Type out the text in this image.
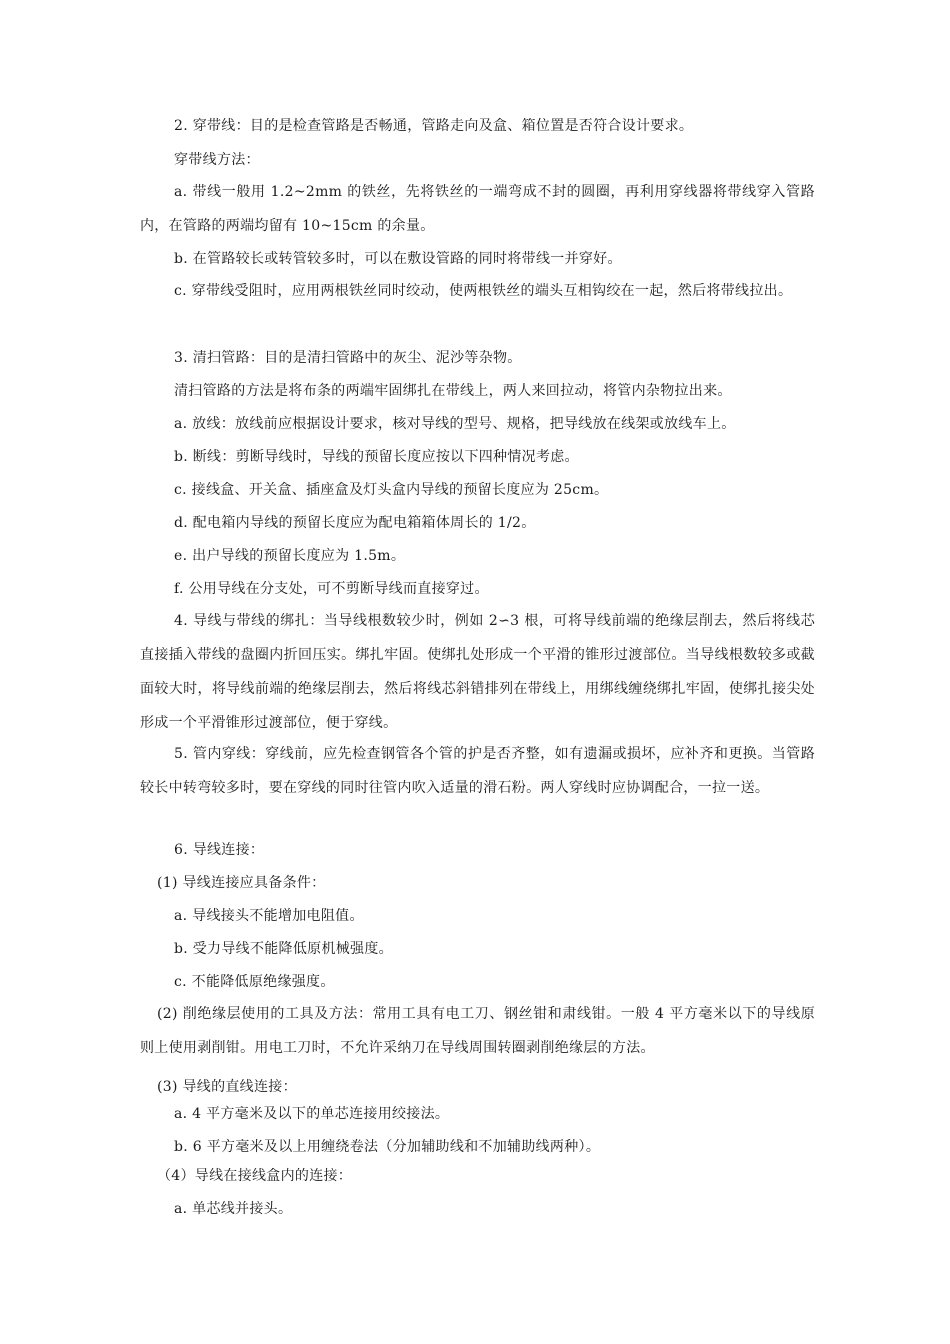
2. 穿带线：目的是检查管路是否畅通，管路走向及盒、箱位置是否符合设计要求。
穿带线方法：
a. 带线一般用 1.2~2mm 的铁丝，先将铁丝的一端弯成不封的圆圈，再利用穿线器将带线穿入管路内，在管路的两端均留有 10~15cm 的余量。
b. 在管路较长或转管较多时，可以在敷设管路的同时将带线一并穿好。
c. 穿带线受阻时，应用两根铁丝同时绞动，使两根铁丝的端头互相钩绞在一起，然后将带线拉出。
3. 清扫管路：目的是清扫管路中的灰尘、泥沙等杂物。
清扫管路的方法是将布条的两端牢固绑扎在带线上，两人来回拉动，将管内杂物拉出来。
a. 放线：放线前应根据设计要求，核对导线的型号、规格，把导线放在线架或放线车上。
b. 断线：剪断导线时，导线的预留长度应按以下四种情况考虑。
c. 接线盒、开关盒、插座盒及灯头盒内导线的预留长度应为 25cm。
d. 配电箱内导线的预留长度应为配电箱箱体周长的 1/2。
e. 出户导线的预留长度应为 1.5m。
f. 公用导线在分支处，可不剪断导线而直接穿过。
4. 导线与带线的绑扎：当导线根数较少时，例如 2∽3 根，可将导线前端的绝缘层削去，然后将线芯直接插入带线的盘圈内折回压实。绑扎牢固。使绑扎处形成一个平滑的锥形过渡部位。当导线根数较多或截面较大时，将导线前端的绝缘层削去，然后将线芯斜错排列在带线上，用绑线缠绕绑扎牢固，使绑扎接尖处形成一个平滑锥形过渡部位，便于穿线。
5. 管内穿线：穿线前，应先检查钢管各个管的护是否齐整，如有遗漏或损坏，应补齐和更换。当管路较长中转弯较多时，要在穿线的同时往管内吹入适量的滑石粉。两人穿线时应协调配合，一拉一送。
6. 导线连接：
(1) 导线连接应具备条件：
a. 导线接头不能增加电阻值。
b. 受力导线不能降低原机械强度。
c. 不能降低原绝缘强度。
(2) 削绝缘层使用的工具及方法：常用工具有电工刀、钢丝钳和肃线钳。一般 4 平方毫米以下的导线原则上使用剥削钳。用电工刀时，不允许采纳刀在导线周围转圈剥削绝缘层的方法。
(3) 导线的直线连接：
a. 4 平方毫米及以下的单芯连接用绞接法。
b. 6 平方毫米及以上用缠绕卷法（分加辅助线和不加辅助线两种）。
（4）导线在接线盒内的连接：
a. 单芯线并接头。
